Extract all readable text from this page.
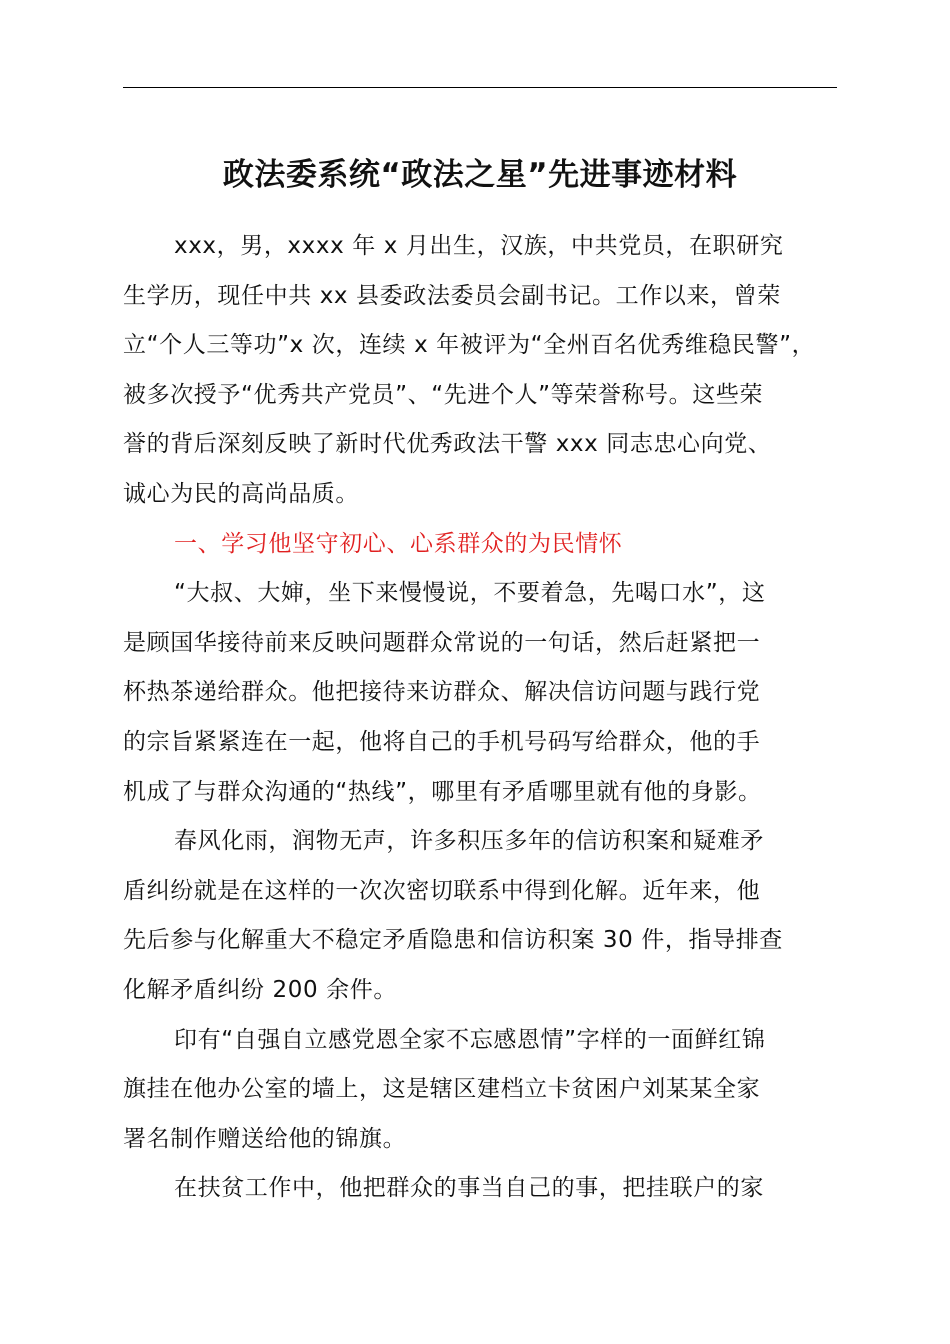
政法委系统“政法之星”先进事迹材料
xxx，男，xxxx 年 x 月出生，汉族，中共党员，在职研究
生学历，现任中共 xx 县委政法委员会副书记。工作以来，曾荣
立“个人三等功”x 次，连续 x 年被评为“全州百名优秀维稳民警”，
被多次授予“优秀共产党员”、“先进个人”等荣誉称号。这些荣
誉的背后深刻反映了新时代优秀政法干警 xxx 同志忠心向党、
诚心为民的高尚品质。
一、学习他坚守初心、心系群众的为民情怀
“大叔、大婶，坐下来慢慢说，不要着急，先喝口水”，这
是顾国华接待前来反映问题群众常说的一句话，然后赶紧把一
杯热茶递给群众。他把接待来访群众、解决信访问题与践行党
的宗旨紧紧连在一起，他将自己的手机号码写给群众，他的手
机成了与群众沟通的“热线”，哪里有矛盾哪里就有他的身影。
春风化雨，润物无声，许多积压多年的信访积案和疑难矛
盾纠纷就是在这样的一次次密切联系中得到化解。近年来，他
先后参与化解重大不稳定矛盾隐患和信访积案 30 件，指导排查
化解矛盾纠纷 200 余件。
印有“自强自立感党恩全家不忘感恩情”字样的一面鲜红锦
旗挂在他办公室的墙上，这是辖区建档立卡贫困户刘某某全家
署名制作赠送给他的锦旗。
在扶贫工作中，他把群众的事当自己的事，把挂联户的家
